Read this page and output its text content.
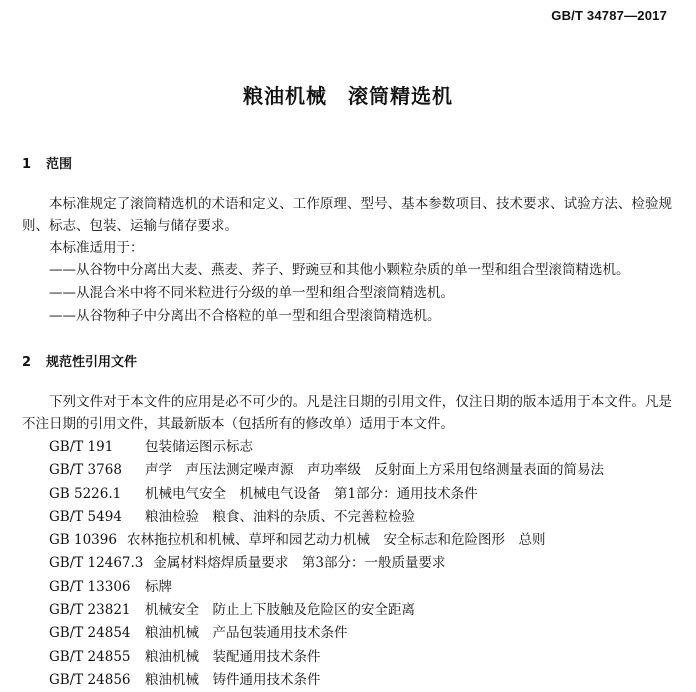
GB/T 34787—2017
粮油机械　滚筒精选机
1 范围

本标准规定了滚筒精选机的术语和定义、工作原理、型号、基本参数项目、技术要求、试验方法、检验规则、标志、包装、运输与储存要求。

本标准适用于：
——从谷物中分离出大麦、燕麦、荞子、野豌豆和其他小颗粒杂质的单一型和组合型滚筒精选机。
——从混合米中将不同米粒进行分级的单一型和组合型滚筒精选机。
——从谷物种子中分离出不合格粒的单一型和组合型滚筒精选机。
2 规范性引用文件

下列文件对于本文件的应用是必不可少的。凡是注日期的引用文件，仅注日期的版本适用于本文件。凡是不注日期的引用文件，其最新版本（包括所有的修改单）适用于本文件。

GB/T 191 包装储运图示标志
GB/T 3768 声学　声压法测定噪声源　声功率级　反射面上方采用包络测量表面的简易法
GB 5226.1 机械电气安全　机械电气设备　第1部分：通用技术条件
GB/T 5494 粮油检验　粮食、油料的杂质、不完善粒检验
GB 10396 农林拖拉机和机械、草坪和园艺动力机械　安全标志和危险图形　总则
GB/T 12467.3 金属材料熔焊质量要求　第3部分：一般质量要求
GB/T 13306 标牌
GB/T 23821 机械安全　防止上下肢触及危险区的安全距离
GB/T 24854 粮油机械　产品包装通用技术条件
GB/T 24855 粮油机械　装配通用技术条件
GB/T 24856 粮油机械　铸件通用技术条件
